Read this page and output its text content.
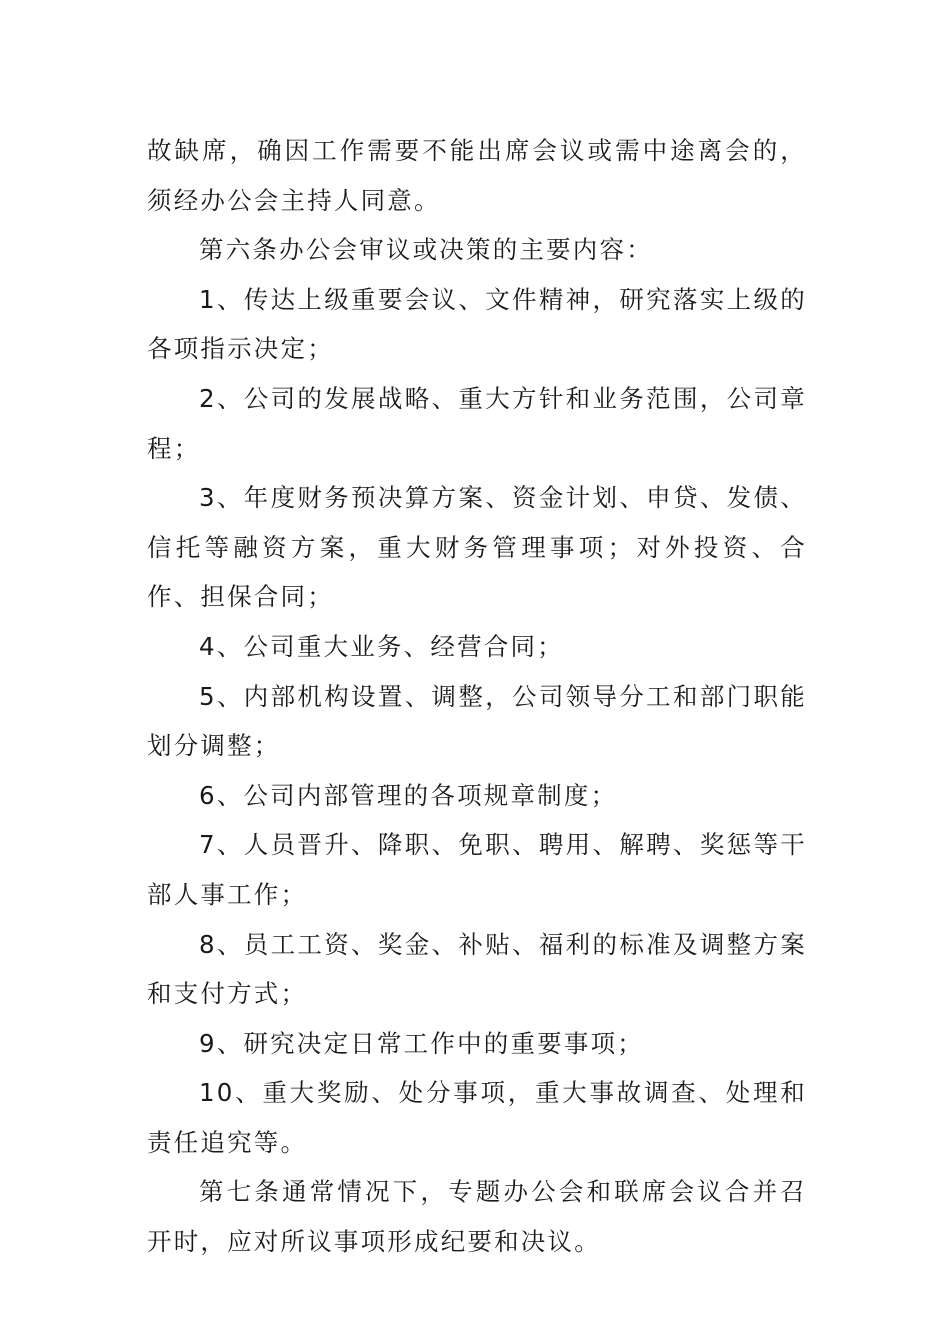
故缺席，确因工作需要不能出席会议或需中途离会的，须经办公会主持人同意。

第六条办公会审议或决策的主要内容：

1、传达上级重要会议、文件精神，研究落实上级的各项指示决定；

2、公司的发展战略、重大方针和业务范围，公司章程；

3、年度财务预决算方案、资金计划、申贷、发债、信托等融资方案，重大财务管理事项；对外投资、合作、担保合同；

4、公司重大业务、经营合同；

5、内部机构设置、调整，公司领导分工和部门职能划分调整；

6、公司内部管理的各项规章制度；

7、人员晋升、降职、免职、聘用、解聘、奖惩等干部人事工作；

8、员工工资、奖金、补贴、福利的标准及调整方案和支付方式；

9、研究决定日常工作中的重要事项；

10、重大奖励、处分事项，重大事故调查、处理和责任追究等。

第七条通常情况下，专题办公会和联席会议合并召开时，应对所议事项形成纪要和决议。
